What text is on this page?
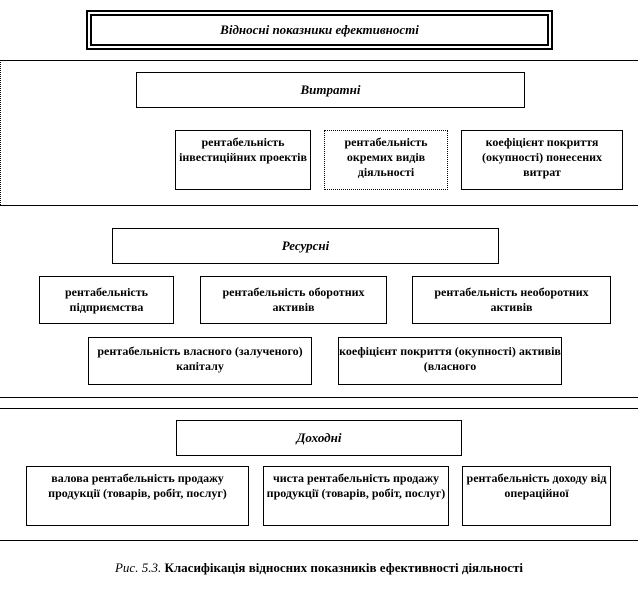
Відносні показники ефективності
Витратні
рентабельність інвестиційних проектів
рентабельність окремих видів діяльності
коефіцієнт покриття (окупності) понесених витрат
Ресурсні
рентабельність підприємства
рентабельність оборотних активів
рентабельність необоротних активів
рентабельність власного (залученого) капіталу
коефіцієнт покриття (окупності) активів (власного
Доходні
валова рентабельність продажу продукції (товарів, робіт, послуг)
чиста рентабельність продажу продукції (товарів, робіт, послуг)
рентабельність доходу від операційної
Рис. 5.3. Класифікація відносних показників ефективності діяльності
